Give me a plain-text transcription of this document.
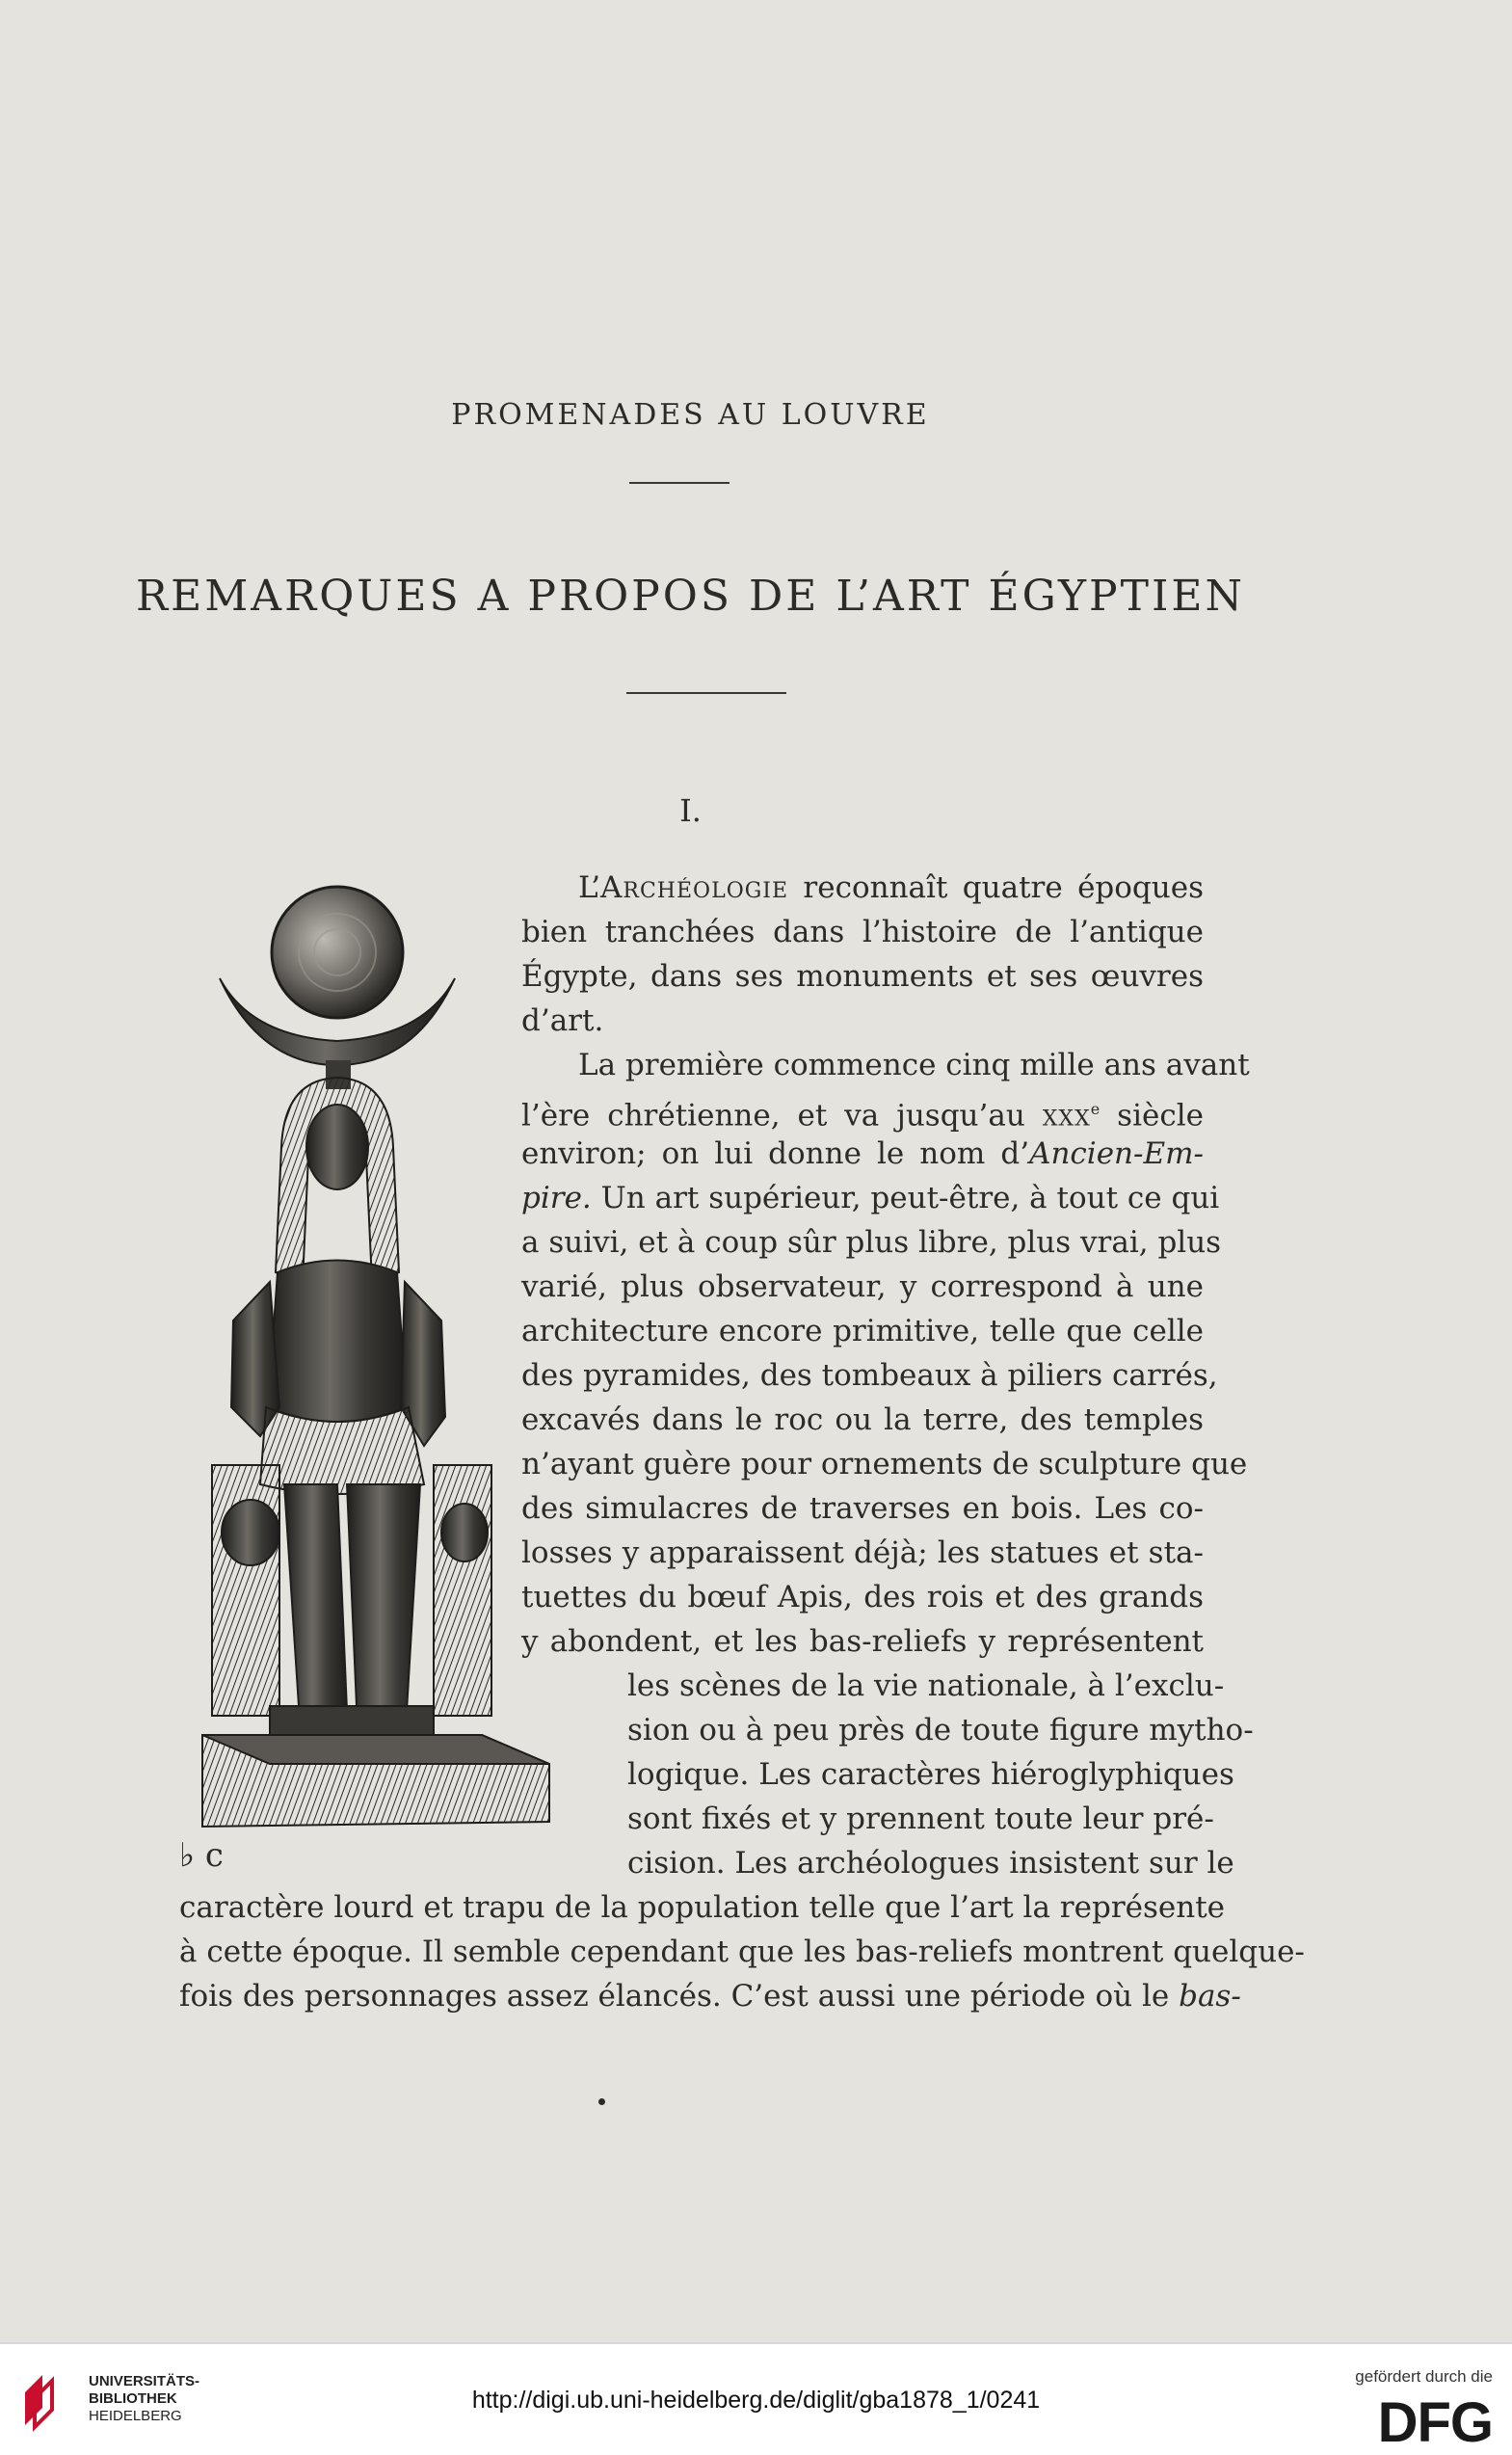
PROMENADES AU LOUVRE
REMARQUES A PROPOS DE L’ART ÉGYPTIEN
I.
♭ c
L’Archéologie reconnaît quatre époques
bien tranchées dans l’histoire de l’antique
Égypte, dans ses monuments et ses œuvres
d’art.
La première commence cinq mille ans avant
l’ère chrétienne, et va jusqu’au xxx$^e$ siècle
environ; on lui donne le nom d’Ancien-Em-
pire. Un art supérieur, peut-être, à tout ce qui
a suivi, et à coup sûr plus libre, plus vrai, plus
varié, plus observateur, y correspond à une
architecture encore primitive, telle que celle
des pyramides, des tombeaux à piliers carrés,
excavés dans le roc ou la terre, des temples
n’ayant guère pour ornements de sculpture que
des simulacres de traverses en bois. Les co-
losses y apparaissent déjà; les statues et sta-
tuettes du bœuf Apis, des rois et des grands
y abondent, et les bas-reliefs y représentent
les scènes de la vie nationale, à l’exclu-
sion ou à peu près de toute figure mytho-
logique. Les caractères hiéroglyphiques
sont fixés et y prennent toute leur pré-
cision. Les archéologues insistent sur le
caractère lourd et trapu de la population telle que l’art la représente
à cette époque. Il semble cependant que les bas-reliefs montrent quelque-
fois des personnages assez élancés. C’est aussi une période où le bas-
UNIVERSITÄTS-
BIBLIOTHEK
HEIDELBERG
http://digi.ub.uni-heidelberg.de/diglit/gba1878_1/0241
gefördert durch die
DFG
